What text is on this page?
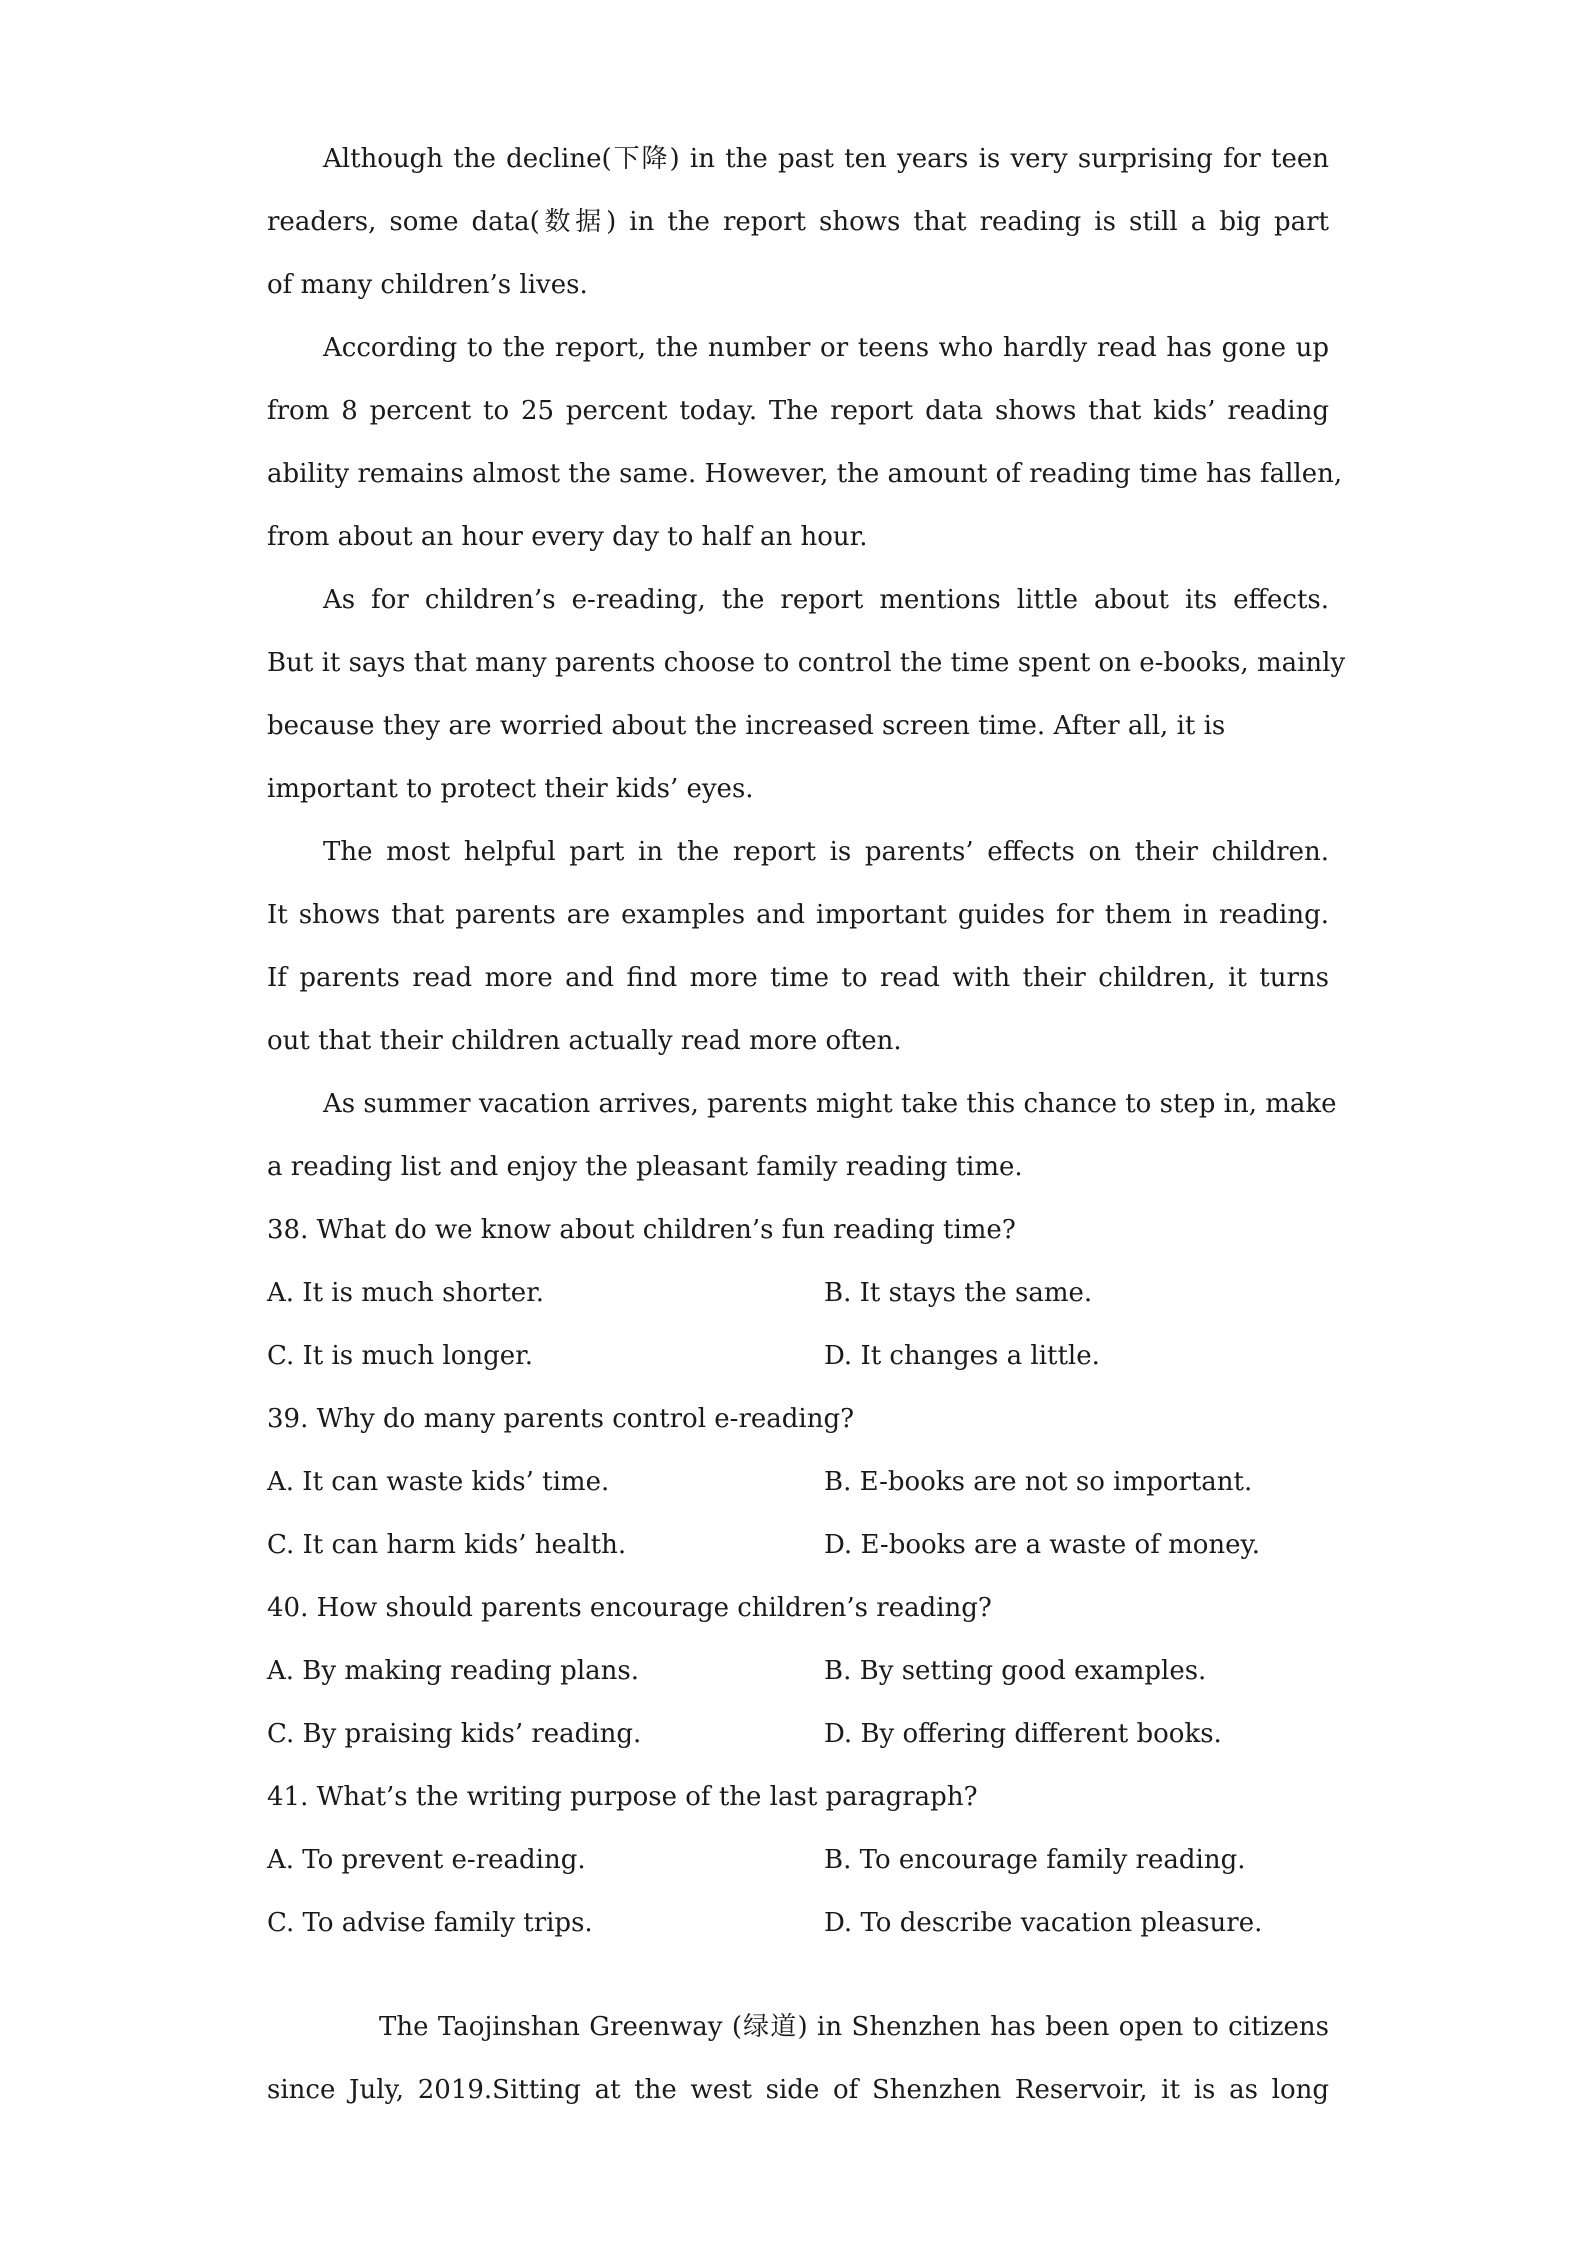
Although the decline(下降) in the past ten years is very surprising for teen
readers, some data(数据) in the report shows that reading is still a big part
of many children’s lives.
According to the report, the number or teens who hardly read has gone up
from 8 percent to 25 percent today. The report data shows that kids’ reading
ability remains almost the same. However, the amount of reading time has fallen,
from about an hour every day to half an hour.
As for children’s e-reading, the report mentions little about its effects.
But it says that many parents choose to control the time spent on e-books, mainly
because they are worried about the increased screen time. After all, it is
important to protect their kids’ eyes.
The most helpful part in the report is parents’ effects on their children.
It shows that parents are examples and important guides for them in reading.
If parents read more and find more time to read with their children, it turns
out that their children actually read more often.
As summer vacation arrives, parents might take this chance to step in, make
a reading list and enjoy the pleasant family reading time.
38. What do we know about children’s fun reading time?
A. It is much shorter.	B. It stays the same.
C. It is much longer.	D. It changes a little.
39. Why do many parents control e-reading?
A. It can waste kids’ time.	B. E-books are not so important.
C. It can harm kids’ health.	D. E-books are a waste of money.
40. How should parents encourage children’s reading?
A. By making reading plans.	B. By setting good examples.
C. By praising kids’ reading.	D. By offering different books.
41. What’s the writing purpose of the last paragraph?
A. To prevent e-reading.	B. To encourage family reading.
C. To advise family trips.	D. To describe vacation pleasure.
The Taojinshan Greenway (绿道) in Shenzhen has been open to citizens
since July, 2019.Sitting at the west side of Shenzhen Reservoir, it is as long
